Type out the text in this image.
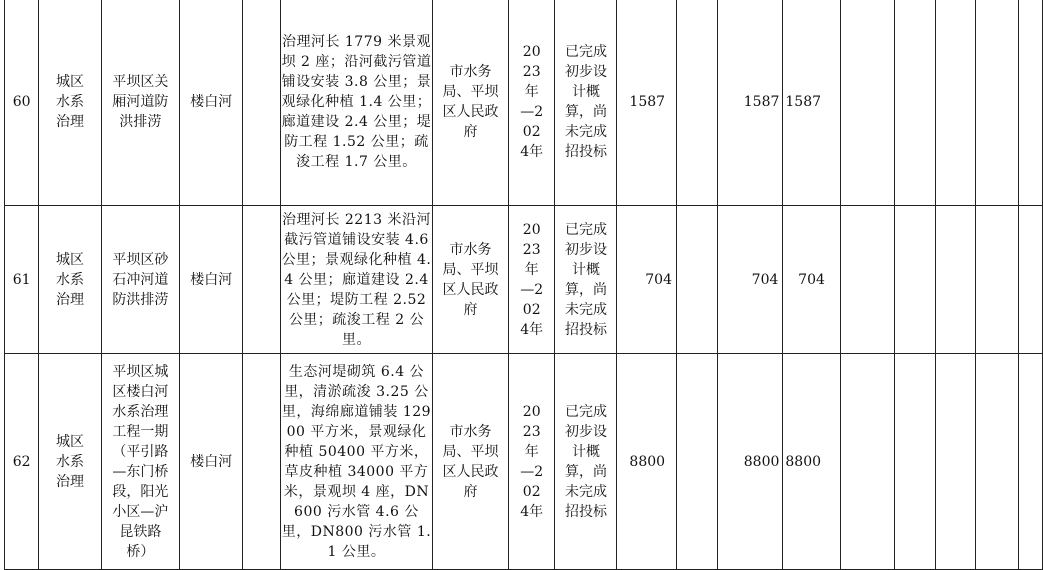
60	城区水系治理	平坝区关厢河道防洪排涝	楼白河		治理河长 1779 米景观坝 2 座；沿河截污管道铺设安装 3.8 公里；景观绿化种植 1.4 公里；廊道建设 2.4 公里；堤防工程 1.52 公里；疏浚工程 1.7 公里。	市水务局、平坝区人民政府	2023年—2024年	已完成初步设计概算，尚未完成招投标	1587		1587	1587					
61	城区水系治理	平坝区砂石冲河道防洪排涝	楼白河		治理河长 2213 米沿河截污管道铺设安装 4.6 公里；景观绿化种植 4.4 公里；廊道建设 2.4 公里；堤防工程 2.52 公里；疏浚工程 2 公里。	市水务局、平坝区人民政府	2023年—2024年	已完成初步设计概算，尚未完成招投标	704		704	704					
62	城区水系治理	平坝区城区楼白河水系治理工程一期（平引路—东门桥段，阳光小区—沪昆铁路桥）	楼白河		生态河堤砌筑 6.4 公里，清淤疏浚 3.25 公里，海绵廊道铺装 12900 平方米，景观绿化种植 50400 平方米，草皮种植 34000 平方米，景观坝 4 座，DN600 污水管 4.6 公里，DN800 污水管 1.1 公里。	市水务局、平坝区人民政府	2023年—2024年	已完成初步设计概算，尚未完成招投标	8800		8800	8800					
